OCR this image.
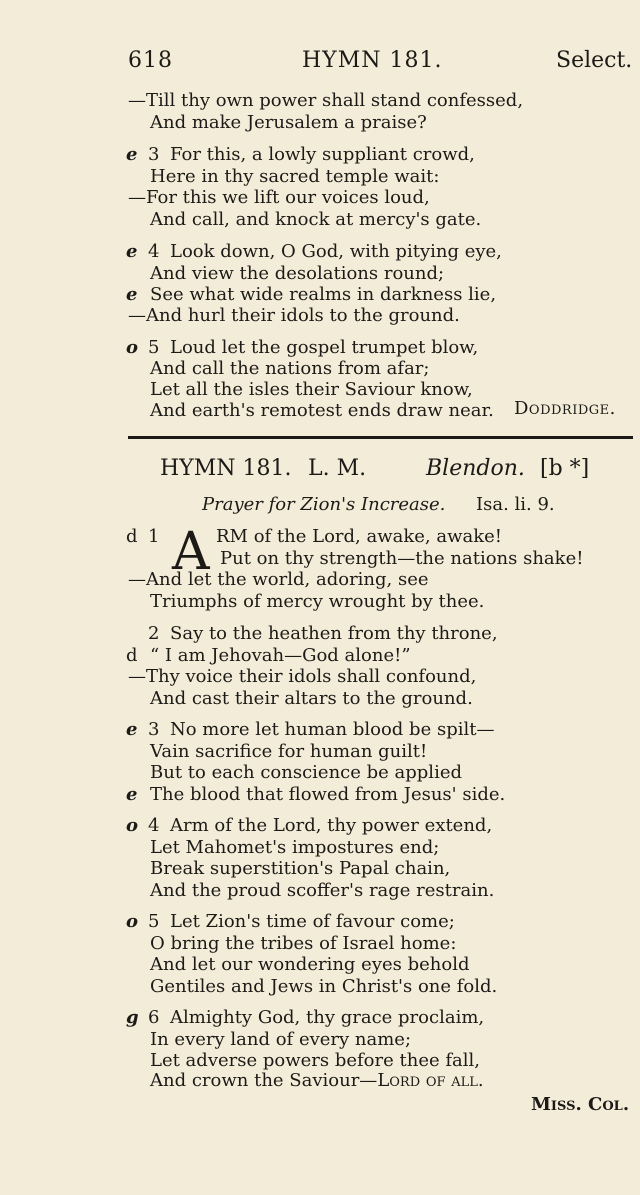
618	HYMN 181.	Select.
—Till thy own power shall stand confessed,
And make Jerusalem a praise?
e 3 For this, a lowly suppliant crowd,
Here in thy sacred temple wait:
—For this we lift our voices loud,
And call, and knock at mercy's gate.
e 4 Look down, O God, with pitying eye,
And view the desolations round;
e See what wide realms in darkness lie,
—And hurl their idols to the ground.
o 5 Loud let the gospel trumpet blow,
And call the nations from afar;
Let all the isles their Saviour know,
And earth's remotest ends draw near. Doddridge.
HYMN 181. L. M.	Blendon. [b *]
Prayer for Zion's Increase. Isa. li. 9.
A
d 1	RM of the Lord, awake, awake!
Put on thy strength—the nations shake!
—And let the world, adoring, see
Triumphs of mercy wrought by thee.
2 Say to the heathen from thy throne,
d “ I am Jehovah—God alone!”
—Thy voice their idols shall confound,
And cast their altars to the ground.
e 3 No more let human blood be spilt—
Vain sacrifice for human guilt!
But to each conscience be applied
e The blood that flowed from Jesus' side.
o 4 Arm of the Lord, thy power extend,
Let Mahomet's impostures end;
Break superstition's Papal chain,
And the proud scoffer's rage restrain.
o 5 Let Zion's time of favour come;
O bring the tribes of Israel home:
And let our wondering eyes behold
Gentiles and Jews in Christ's one fold.
g 6 Almighty God, thy grace proclaim,
In every land of every name;
Let adverse powers before thee fall,
And crown the Saviour—Lord of all.
Miss. Col.
